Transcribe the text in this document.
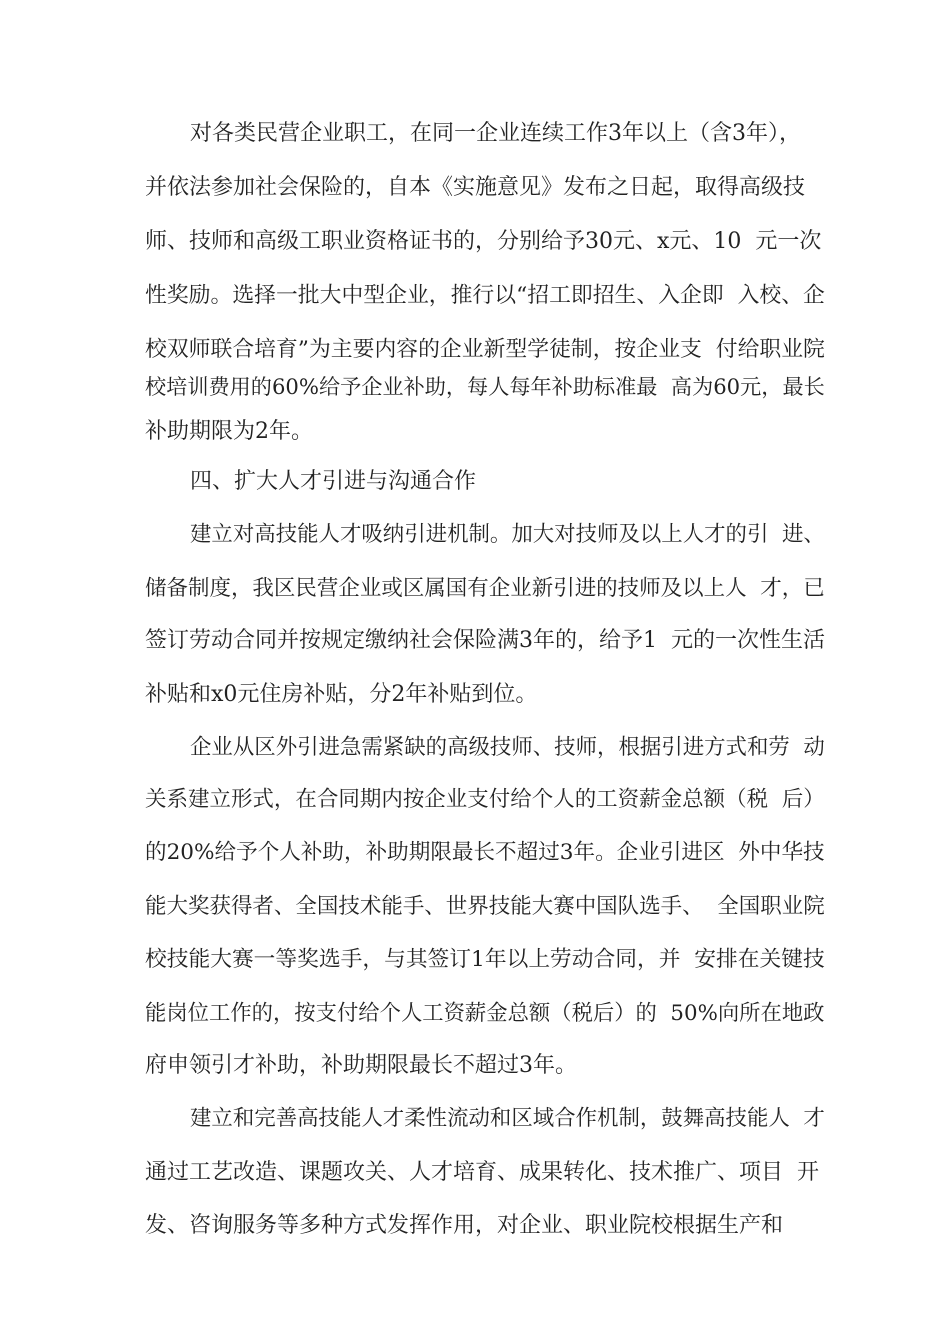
对各类民营企业职工，在同一企业连续工作3年以上（含3年），
并依法参加社会保险的，自本《实施意见》发布之日起，取得高级技
师、技师和高级工职业资格证书的，分别给予30元、x元、10  元一次
性奖励。选择一批大中型企业，推行以“招工即招生、入企即  入校、企
校双师联合培育”为主要内容的企业新型学徒制，按企业支  付给职业院
校培训费用的60%给予企业补助，每人每年补助标准最  高为60元，最长
补助期限为2年。
四、扩大人才引进与沟通合作
建立对高技能人才吸纳引进机制。加大对技师及以上人才的引  进、
储备制度，我区民营企业或区属国有企业新引进的技师及以上人  才，已
签订劳动合同并按规定缴纳社会保险满3年的，给予1  元的一次性生活
补贴和x0元住房补贴，分2年补贴到位。
企业从区外引进急需紧缺的高级技师、技师，根据引进方式和劳  动
关系建立形式，在合同期内按企业支付给个人的工资薪金总额（税  后）
的20%给予个人补助，补助期限最长不超过3年。企业引进区  外中华技
能大奖获得者、全国技术能手、世界技能大赛中国队选手、  全国职业院
校技能大赛一等奖选手，与其签订1年以上劳动合同，并  安排在关键技
能岗位工作的，按支付给个人工资薪金总额（税后）的  50%向所在地政
府申领引才补助，补助期限最长不超过3年。
建立和完善高技能人才柔性流动和区域合作机制，鼓舞高技能人  才
通过工艺改造、课题攻关、人才培育、成果转化、技术推广、项目  开
发、咨询服务等多种方式发挥作用，对企业、职业院校根据生产和
